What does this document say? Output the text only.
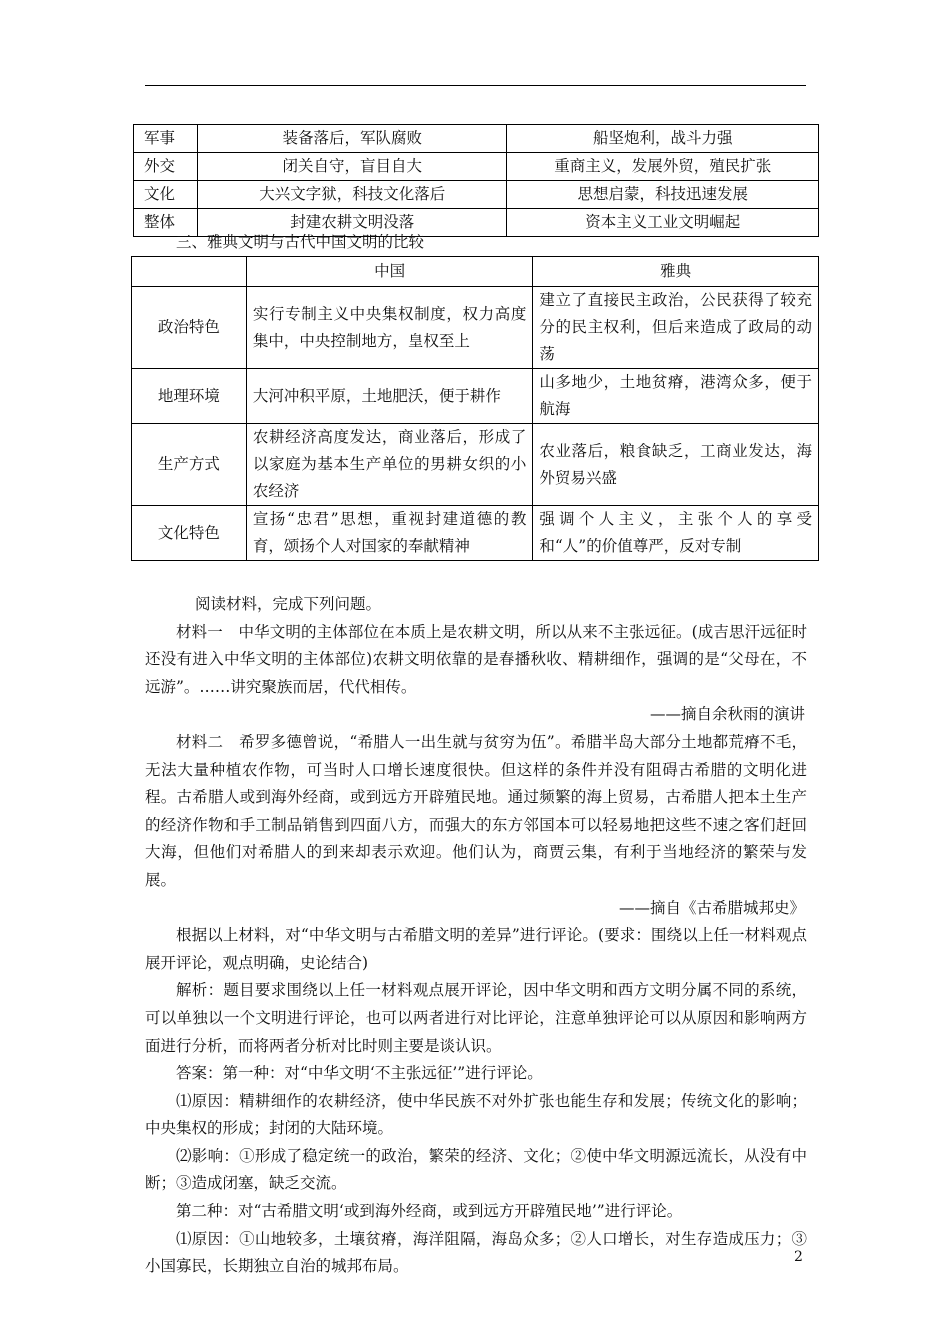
军事	装备落后，军队腐败	船坚炮利，战斗力强
外交	闭关自守，盲目自大	重商主义，发展外贸，殖民扩张
文化	大兴文字狱，科技文化落后	思想启蒙，科技迅速发展
整体	封建农耕文明没落	资本主义工业文明崛起
三、雅典文明与古代中国文明的比较
	中国	雅典
政治特色	实行专制主义中央集权制度，权力高度集中，中央控制地方，皇权至上	建立了直接民主政治，公民获得了较充分的民主权利，但后来造成了政局的动荡
地理环境	大河冲积平原，土地肥沃，便于耕作	山多地少，土地贫瘠，港湾众多，便于航海
生产方式	农耕经济高度发达，商业落后，形成了以家庭为基本生产单位的男耕女织的小农经济	农业落后，粮食缺乏，工商业发达，海外贸易兴盛
文化特色	宣扬“忠君”思想，重视封建道德的教育，颂扬个人对国家的奉献精神	强调个人主义，主张个人的享受和“人”的价值尊严，反对专制

阅读材料，完成下列问题。

材料一　中华文明的主体部位在本质上是农耕文明，所以从来不主张远征。(成吉思汗远征时还没有进入中华文明的主体部位)农耕文明依靠的是春播秋收、精耕细作，强调的是“父母在，不远游”。……讲究聚族而居，代代相传。

——摘自余秋雨的演讲

材料二　希罗多德曾说，“希腊人一出生就与贫穷为伍”。希腊半岛大部分土地都荒瘠不毛，无法大量种植农作物，可当时人口增长速度很快。但这样的条件并没有阻碍古希腊的文明化进程。古希腊人或到海外经商，或到远方开辟殖民地。通过频繁的海上贸易，古希腊人把本土生产的经济作物和手工制品销售到四面八方，而强大的东方邻国本可以轻易地把这些不速之客们赶回大海，但他们对希腊人的到来却表示欢迎。他们认为，商贾云集，有利于当地经济的繁荣与发展。

——摘自《古希腊城邦史》

根据以上材料，对“中华文明与古希腊文明的差异”进行评论。(要求：围绕以上任一材料观点展开评论，观点明确，史论结合)

解析：题目要求围绕以上任一材料观点展开评论，因中华文明和西方文明分属不同的系统，可以单独以一个文明进行评论，也可以两者进行对比评论，注意单独评论可以从原因和影响两方面进行分析，而将两者分析对比时则主要是谈认识。

答案：第一种：对“中华文明‘不主张远征’”进行评论。

⑴原因：精耕细作的农耕经济，使中华民族不对外扩张也能生存和发展；传统文化的影响；中央集权的形成；封闭的大陆环境。

⑵影响：①形成了稳定统一的政治，繁荣的经济、文化；②使中华文明源远流长，从没有中断；③造成闭塞，缺乏交流。

第二种：对“古希腊文明‘或到海外经商，或到远方开辟殖民地’”进行评论。

⑴原因：①山地较多，土壤贫瘠，海洋阻隔，海岛众多；②人口增长，对生存造成压力；③小国寡民，长期独立自治的城邦布局。

2
